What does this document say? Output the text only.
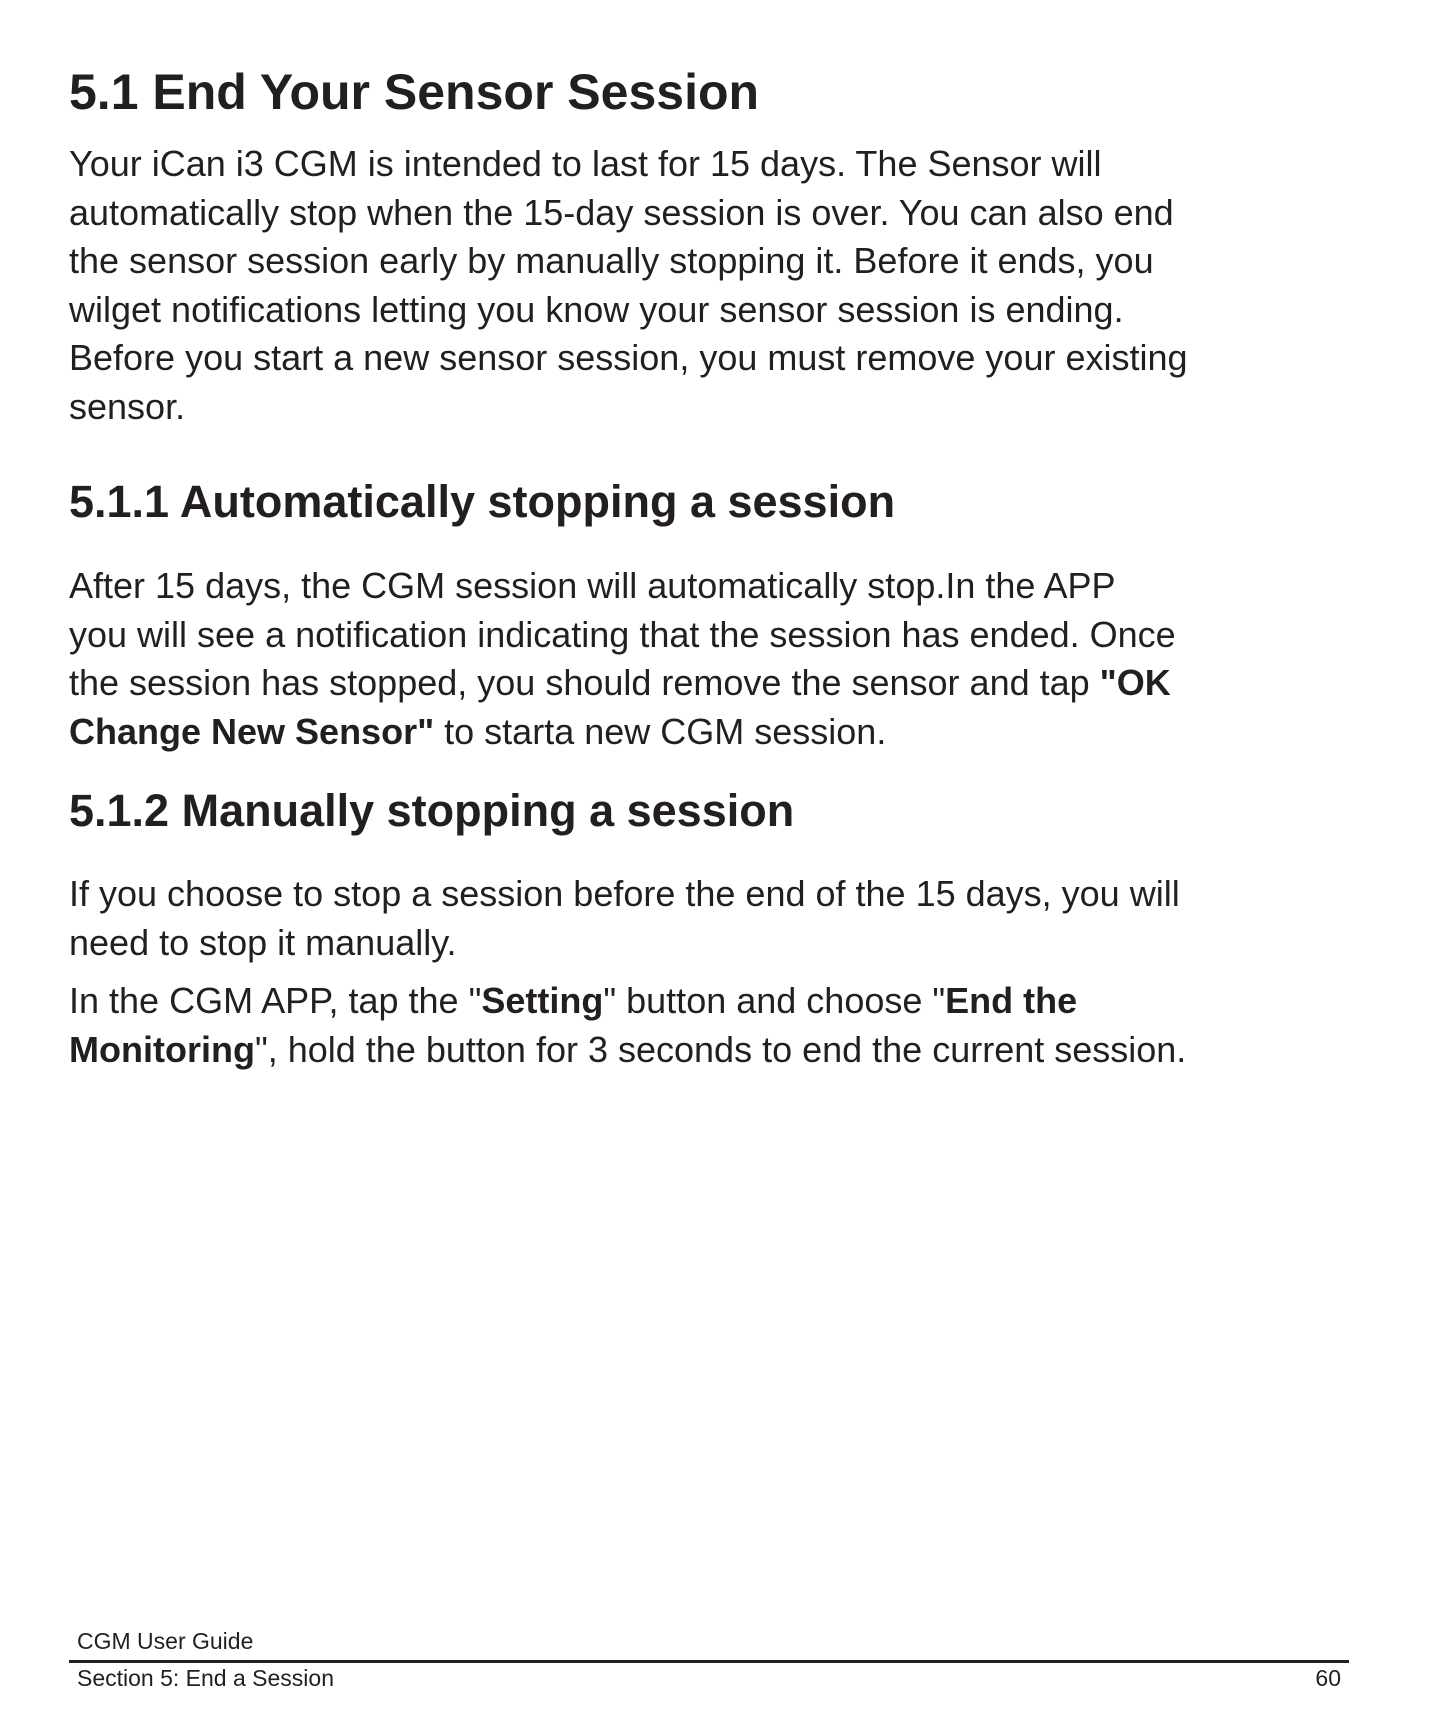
5.1 End Your Sensor Session

Your iCan i3 CGM is intended to last for 15 days. The Sensor will
automatically stop when the 15-day session is over. You can also end
the sensor session early by manually stopping it. Before it ends, you
wilget notifications letting you know your sensor session is ending.
Before you start a new sensor session, you must remove your existing
sensor.

5.1.1 Automatically stopping a session

After 15 days, the CGM session will automatically stop.In the APP
you will see a notification indicating that the session has ended. Once
the session has stopped, you should remove the sensor and tap "OK
Change New Sensor" to starta new CGM session.

5.1.2 Manually stopping a session

If you choose to stop a session before the end of the 15 days, you will
need to stop it manually.

In the CGM APP, tap the "Setting" button and choose "End the
Monitoring", hold the button for 3 seconds to end the current session.

CGM User Guide
Section 5: End a Session	60
